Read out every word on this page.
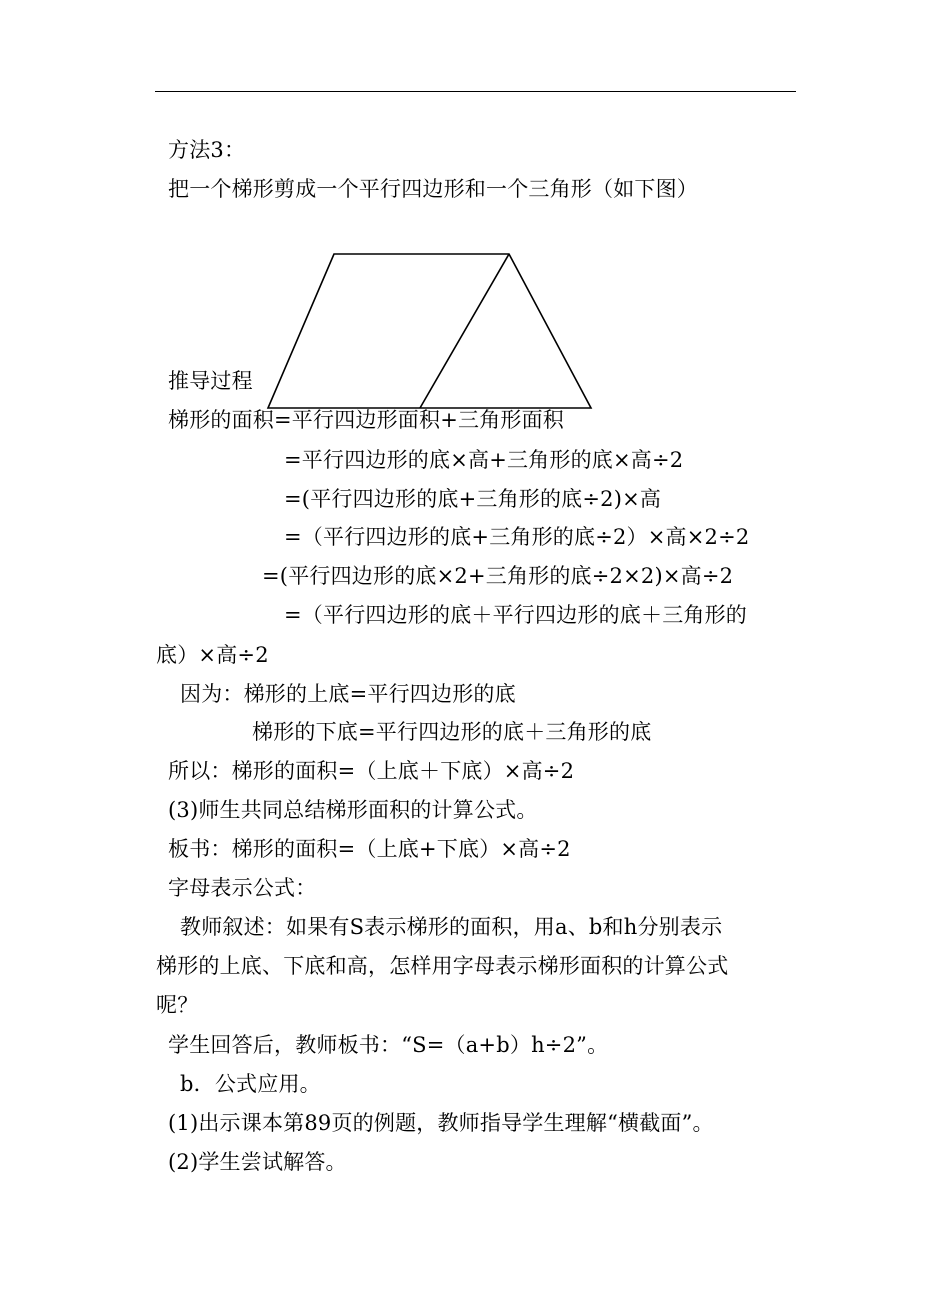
方法3：
把一个梯形剪成一个平行四边形和一个三角形（如下图）
推导过程
梯形的面积=平行四边形面积+三角形面积
=平行四边形的底×高+三角形的底×高÷2
=(平行四边形的底+三角形的底÷2)×高
=（平行四边形的底+三角形的底÷2）×高×2÷2
=(平行四边形的底×2+三角形的底÷2×2)×高÷2
=（平行四边形的底＋平行四边形的底＋三角形的
底）×高÷2
因为：梯形的上底=平行四边形的底
梯形的下底=平行四边形的底＋三角形的底
所以：梯形的面积=（上底＋下底）×高÷2
(3)师生共同总结梯形面积的计算公式。
板书：梯形的面积=（上底+下底）×高÷2
字母表示公式：
教师叙述：如果有S表示梯形的面积，用a、b和h分别表示
梯形的上底、下底和高，怎样用字母表示梯形面积的计算公式
呢？
学生回答后，教师板书：“S=（a+b）h÷2”。
b．公式应用。
(1)出示课本第89页的例题，教师指导学生理解“横截面”。
(2)学生尝试解答。
